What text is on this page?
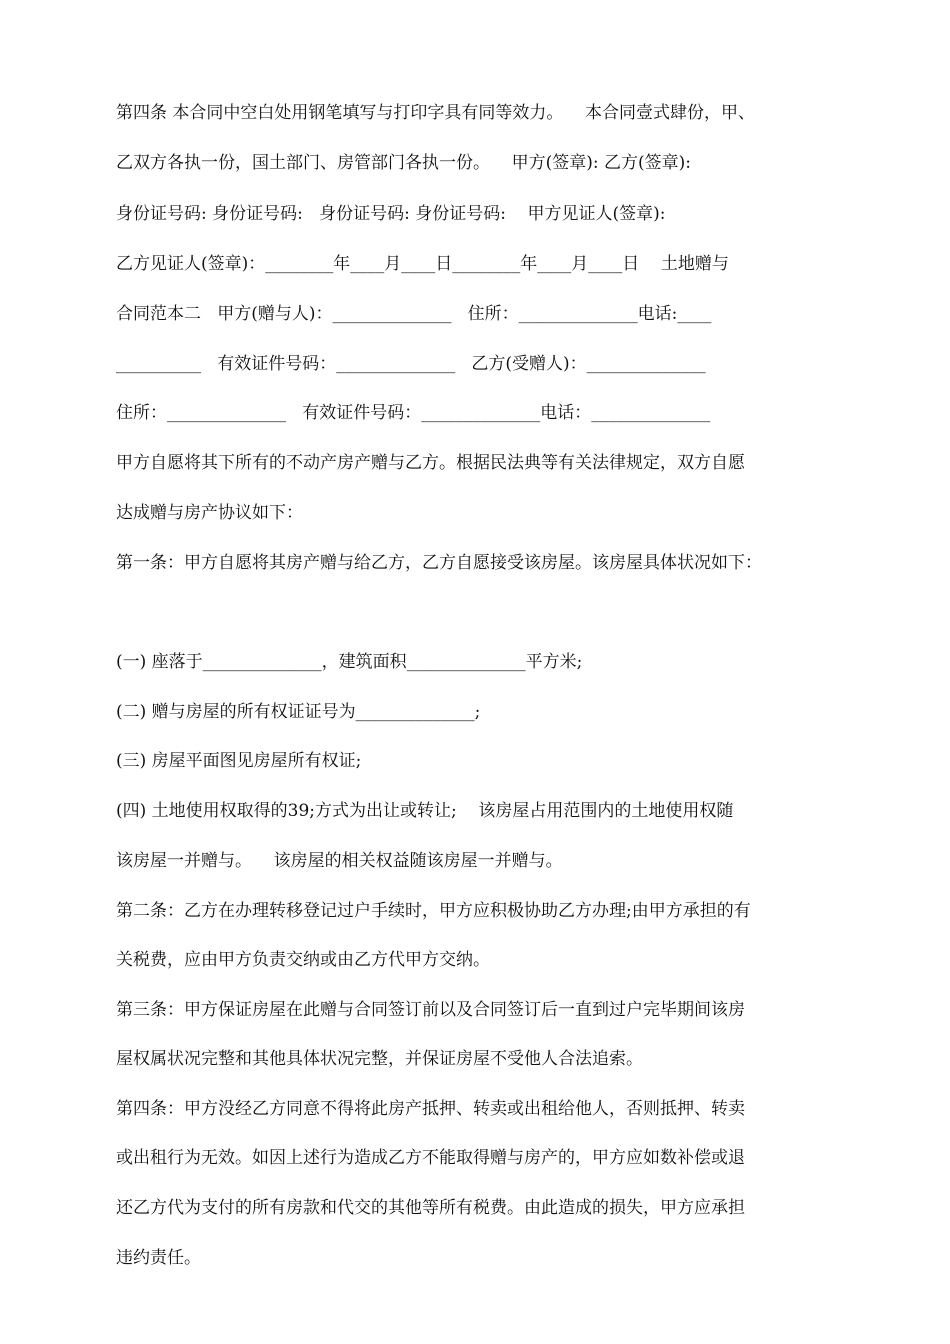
第四条 本合同中空白处用钢笔填写与打印字具有同等效力。    本合同壹式肆份，甲、
乙双方各执一份，国土部门、房管部门各执一份。    甲方(签章): 乙方(签章):
身份证号码: 身份证号码:   身份证号码: 身份证号码:    甲方见证人(签章):
乙方见证人(签章)：________年____月____日________年____月____日    土地赠与
合同范本二   甲方(赠与人)：______________   住所：______________电话:____
__________   有效证件号码：______________   乙方(受赠人)：______________
住所：______________   有效证件号码：______________电话：______________
甲方自愿将其下所有的不动产房产赠与乙方。根据民法典等有关法律规定，双方自愿
达成赠与房产协议如下：
第一条：甲方自愿将其房产赠与给乙方，乙方自愿接受该房屋。该房屋具体状况如下：
(一) 座落于______________，建筑面积______________平方米;
(二) 赠与房屋的所有权证证号为______________;
(三) 房屋平面图见房屋所有权证;
(四) 土地使用权取得的39;方式为出让或转让;    该房屋占用范围内的土地使用权随
该房屋一并赠与。    该房屋的相关权益随该房屋一并赠与。
第二条：乙方在办理转移登记过户手续时，甲方应积极协助乙方办理;由甲方承担的有
关税费，应由甲方负责交纳或由乙方代甲方交纳。
第三条：甲方保证房屋在此赠与合同签订前以及合同签订后一直到过户完毕期间该房
屋权属状况完整和其他具体状况完整，并保证房屋不受他人合法追索。
第四条：甲方没经乙方同意不得将此房产抵押、转卖或出租给他人，否则抵押、转卖
或出租行为无效。如因上述行为造成乙方不能取得赠与房产的，甲方应如数补偿或退
还乙方代为支付的所有房款和代交的其他等所有税费。由此造成的损失，甲方应承担
违约责任。
